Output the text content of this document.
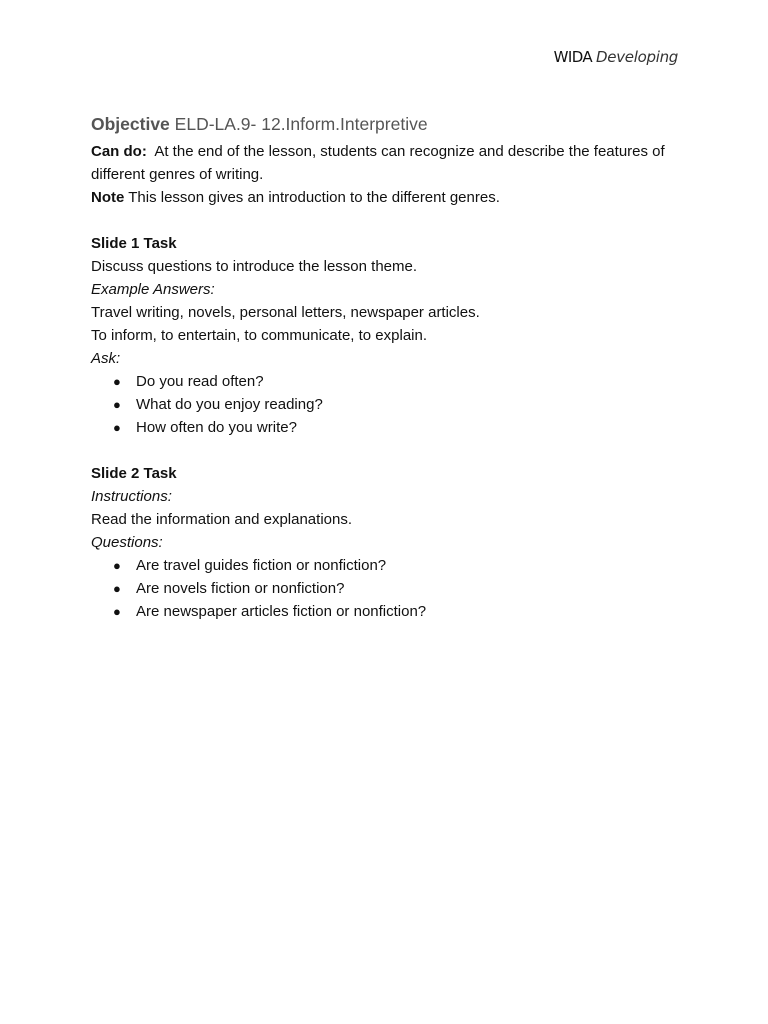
WIDA Developing

Objective ELD-LA.9- 12.Inform.Interpretive

Can do: At the end of the lesson, students can recognize and describe the features of different genres of writing.

Note This lesson gives an introduction to the different genres.

Slide 1 Task

Discuss questions to introduce the lesson theme.

Example Answers:

Travel writing, novels, personal letters, newspaper articles.

To inform, to entertain, to communicate, to explain.

Ask:

● Do you read often?
● What do you enjoy reading?
● How often do you write?

Slide 2 Task

Instructions:

Read the information and explanations.

Questions:

● Are travel guides fiction or nonfiction?
● Are novels fiction or nonfiction?
● Are newspaper articles fiction or nonfiction?
